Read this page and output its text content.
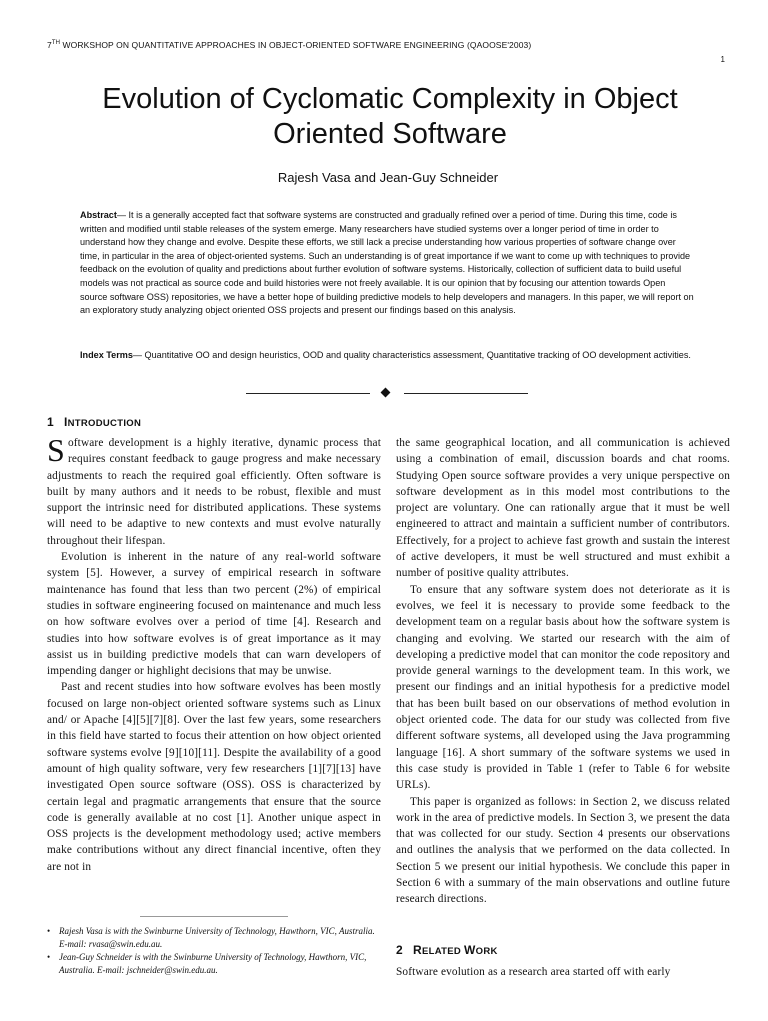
7TH WORKSHOP ON QUANTITATIVE APPROACHES IN OBJECT-ORIENTED SOFTWARE ENGINEERING (QAOOSE'2003)
1
Evolution of Cyclomatic Complexity in Object
Oriented Software
Rajesh Vasa and Jean-Guy Schneider
Abstract— It is a generally accepted fact that software systems are constructed and gradually refined over a period of time. During this time, code is written and modified until stable releases of the system emerge. Many researchers have studied systems over a longer period of time in order to understand how they change and evolve. Despite these efforts, we still lack a precise understanding how various properties of software change over time, in particular in the area of object-oriented systems. Such an understanding is of great importance if we want to come up with techniques to provide feedback on the evolution of quality and predictions about further evolution of software systems. Historically, collection of sufficient data to build useful models was not practical as source code and build histories were not freely available. It is our opinion that by focusing our attention towards Open source software OSS) repositories, we have a better hope of building predictive models to help developers and managers. In this paper, we will report on an exploratory study analyzing object oriented OSS projects and present our findings based on this analysis.
Index Terms— Quantitative OO and design heuristics, OOD and quality characteristics assessment, Quantitative tracking of OO development activities.
1 INTRODUCTION

Software development is a highly iterative, dynamic process that requires constant feedback to gauge progress and make necessary adjustments to reach the required goal efficiently. Often software is built by many authors and it needs to be robust, flexible and must support the intrinsic need for distributed applications. These systems will need to be adaptive to new contexts and must evolve naturally throughout their lifespan.

Evolution is inherent in the nature of any real-world software system [5]. However, a survey of empirical research in software maintenance has found that less than two percent (2%) of empirical studies in software engineering focused on maintenance and much less on how software evolves over a period of time [4]. Research and studies into how software evolves is of great importance as it may assist us in building predictive models that can warn developers of impending danger or highlight decisions that may be unwise.

Past and recent studies into how software evolves has been mostly focused on large non-object oriented software systems such as Linux and/ or Apache [4][5][7][8]. Over the last few years, some researchers in this field have started to focus their attention on how object oriented software systems evolve [9][10][11]. Despite the availability of a good amount of high quality software, very few researchers [1][7][13] have investigated Open source software (OSS). OSS is characterized by certain legal and pragmatic arrangements that ensure that the source code is generally available at no cost [1]. Another unique aspect in OSS projects is the development methodology used; active members make contributions without any direct financial incentive, often they are not in

the same geographical location, and all communication is achieved using a combination of email, discussion boards and chat rooms. Studying Open source software provides a very unique perspective on software development as in this model most contributions to the project are voluntary. One can rationally argue that it must be well engineered to attract and maintain a sufficient number of contributors. Effectively, for a project to achieve fast growth and sustain the interest of active developers, it must be well structured and must exhibit a number of positive quality attributes.

To ensure that any software system does not deteriorate as it is evolves, we feel it is necessary to provide some feedback to the development team on a regular basis about how the software system is changing and evolving. We started our research with the aim of developing a predictive model that can monitor the code repository and provide general warnings to the development team. In this work, we present our findings and an initial hypothesis for a predictive model that has been built based on our observations of method evolution in object oriented code. The data for our study was collected from five different software systems, all developed using the Java programming language [16]. A short summary of the software systems we used in this case study is provided in Table 1 (refer to Table 6 for website URLs).

This paper is organized as follows: in Section 2, we discuss related work in the area of predictive models. In Section 3, we present the data that was collected for our study. Section 4 presents our observations and outlines the analysis that we performed on the data collected. In Section 5 we present our initial hypothesis. We conclude this paper in Section 6 with a summary of the main observations and outline future research directions.

2 RELATED WORK
Software evolution as a research area started off with early
• Rajesh Vasa is with the Swinburne University of Technology, Hawthorn, VIC, Australia. E-mail: rvasa@swin.edu.au.
• Jean-Guy Schneider is with the Swinburne University of Technology, Hawthorn, VIC, Australia. E-mail: jschneider@swin.edu.au.
